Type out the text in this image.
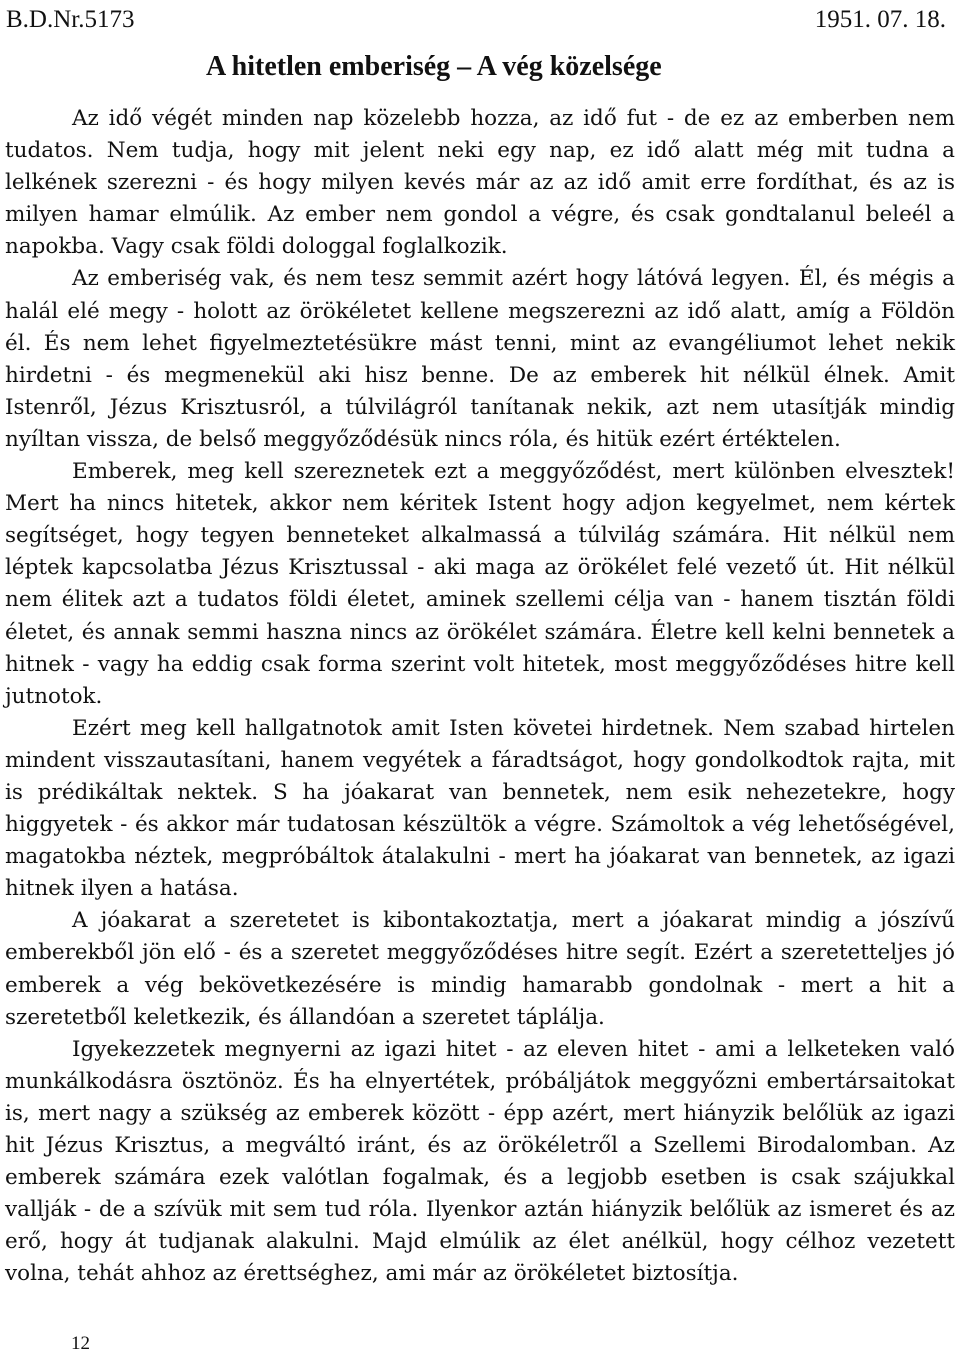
B.D.Nr.5173	1951. 07. 18.
A hitetlen emberiség – A vég közelsége

Az idő végét minden nap közelebb hozza, az idő fut - de ez az emberben nem tudatos. Nem tudja, hogy mit jelent neki egy nap, ez idő alatt még mit tudna a lelkének szerezni - és hogy milyen kevés már az az idő amit erre fordíthat, és az is milyen hamar elmúlik. Az ember nem gondol a végre, és csak gondtalanul beleél a napokba. Vagy csak földi dologgal foglalkozik.

Az emberiség vak, és nem tesz semmit azért hogy látóvá legyen. Él, és mégis a halál elé megy - holott az örökéletet kellene megszerezni az idő alatt, amíg a Földön él. És nem lehet figyelmeztetésükre mást tenni, mint az evangéliumot lehet nekik hirdetni - és megmenekül aki hisz benne. De az emberek hit nélkül élnek. Amit Istenről, Jézus Krisztusról, a túlvilágról tanítanak nekik, azt nem utasítják mindig nyíltan vissza, de belső meggyőződésük nincs róla, és hitük ezért értéktelen.

Emberek, meg kell szereznetek ezt a meggyőződést, mert különben elvesztek! Mert ha nincs hitetek, akkor nem kéritek Istent hogy adjon kegyelmet, nem kértek segítséget, hogy tegyen benneteket alkalmassá a túlvilág számára. Hit nélkül nem léptek kapcsolatba Jézus Krisztussal - aki maga az örökélet felé vezető út. Hit nélkül nem élitek azt a tudatos földi életet, aminek szellemi célja van - hanem tisztán földi életet, és annak semmi haszna nincs az örökélet számára. Életre kell kelni bennetek a hitnek - vagy ha eddig csak forma szerint volt hitetek, most meggyőződéses hitre kell jutnotok.

Ezért meg kell hallgatnotok amit Isten követei hirdetnek. Nem szabad hirtelen mindent visszautasítani, hanem vegyétek a fáradtságot, hogy gondolkodtok rajta, mit is prédikáltak nektek. S ha jóakarat van bennetek, nem esik nehezetekre, hogy higgyetek - és akkor már tudatosan készültök a végre. Számoltok a vég lehetőségével, magatokba néztek, megpróbáltok átalakulni - mert ha jóakarat van bennetek, az igazi hitnek ilyen a hatása.

A jóakarat a szeretetet is kibontakoztatja, mert a jóakarat mindig a jószívű emberekből jön elő - és a szeretet meggyőződéses hitre segít. Ezért a szeretetteljes jó emberek a vég bekövetkezésére is mindig hamarabb gondolnak - mert a hit a szeretetből keletkezik, és állandóan a szeretet táplálja.

Igyekezzetek megnyerni az igazi hitet - az eleven hitet - ami a lelketeken való munkálkodásra ösztönöz. És ha elnyertétek, próbáljátok meggyőzni embertársaitokat is, mert nagy a szükség az emberek között - épp azért, mert hiányzik belőlük az igazi hit Jézus Krisztus, a megváltó iránt, és az örökéletről a Szellemi Birodalomban. Az emberek számára ezek valótlan fogalmak, és a legjobb esetben is csak szájukkal vallják - de a szívük mit sem tud róla. Ilyenkor aztán hiányzik belőlük az ismeret és az erő, hogy át tudjanak alakulni. Majd elmúlik az élet anélkül, hogy célhoz vezetett volna, tehát ahhoz az érettséghez, ami már az örökéletet biztosítja.

12
